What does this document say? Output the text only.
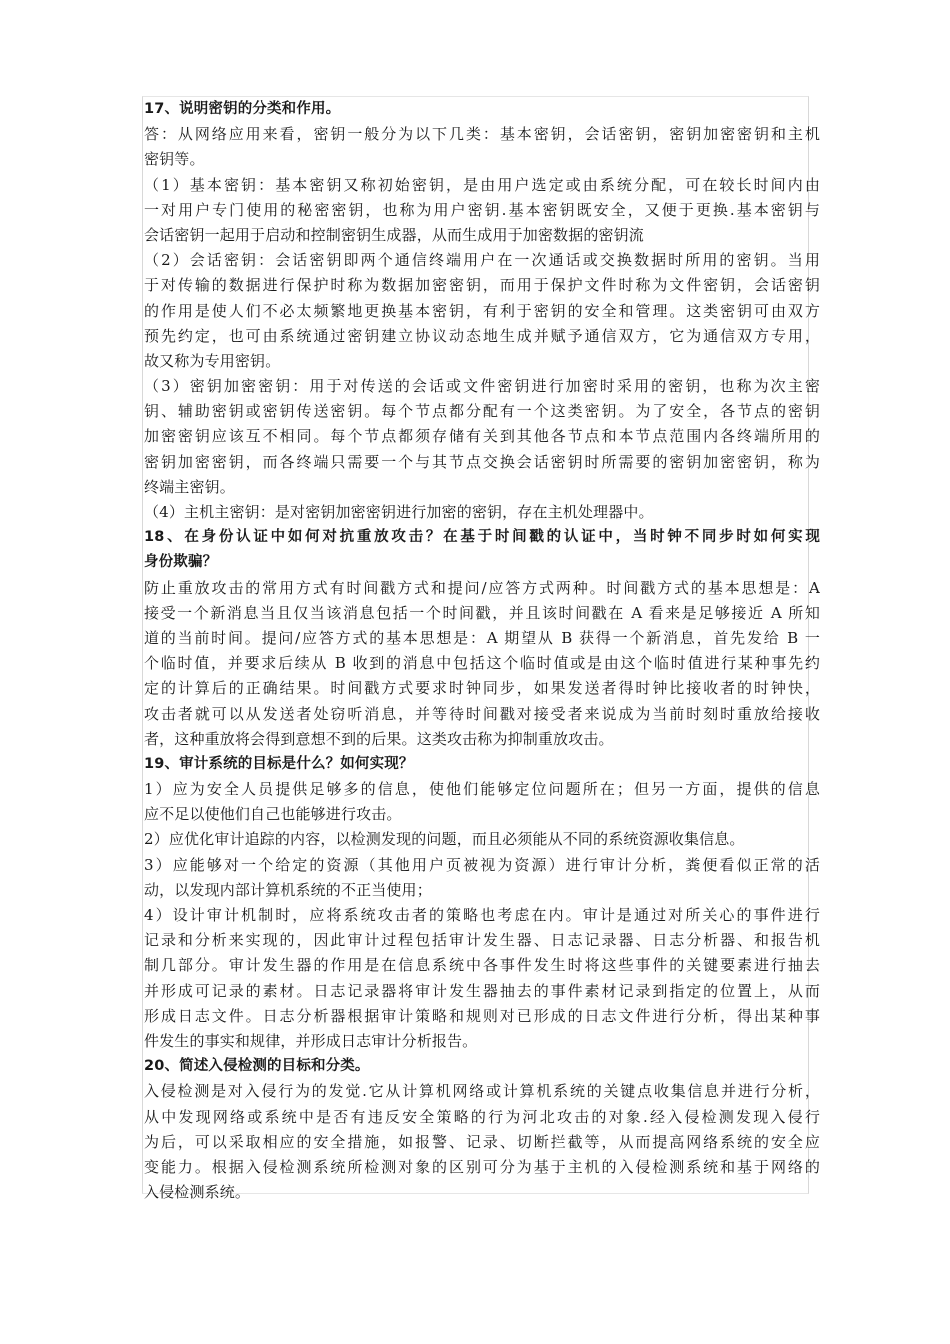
17、说明密钥的分类和作用。
答：从网络应用来看，密钥一般分为以下几类：基本密钥，会话密钥，密钥加密密钥和主机
密钥等。
（1）基本密钥：基本密钥又称初始密钥，是由用户选定或由系统分配，可在较长时间内由
一对用户专门使用的秘密密钥，也称为用户密钥.基本密钥既安全，又便于更换.基本密钥与
会话密钥一起用于启动和控制密钥生成器，从而生成用于加密数据的密钥流
（2）会话密钥：会话密钥即两个通信终端用户在一次通话或交换数据时所用的密钥。当用
于对传输的数据进行保护时称为数据加密密钥，而用于保护文件时称为文件密钥，会话密钥
的作用是使人们不必太频繁地更换基本密钥，有利于密钥的安全和管理。这类密钥可由双方
预先约定，也可由系统通过密钥建立协议动态地生成并赋予通信双方，它为通信双方专用，
故又称为专用密钥。
（3）密钥加密密钥：用于对传送的会话或文件密钥进行加密时采用的密钥，也称为次主密
钥、辅助密钥或密钥传送密钥。每个节点都分配有一个这类密钥。为了安全，各节点的密钥
加密密钥应该互不相同。每个节点都须存储有关到其他各节点和本节点范围内各终端所用的
密钥加密密钥，而各终端只需要一个与其节点交换会话密钥时所需要的密钥加密密钥，称为
终端主密钥。
（4）主机主密钥：是对密钥加密密钥进行加密的密钥，存在主机处理器中。
18、在身份认证中如何对抗重放攻击？在基于时间戳的认证中，当时钟不同步时如何实现
身份欺骗？
防止重放攻击的常用方式有时间戳方式和提问/应答方式两种。时间戳方式的基本思想是：A
接受一个新消息当且仅当该消息包括一个时间戳，并且该时间戳在 A 看来是足够接近 A 所知
道的当前时间。提问/应答方式的基本思想是：A 期望从 B 获得一个新消息，首先发给 B 一
个临时值，并要求后续从 B 收到的消息中包括这个临时值或是由这个临时值进行某种事先约
定的计算后的正确结果。时间戳方式要求时钟同步，如果发送者得时钟比接收者的时钟快，
攻击者就可以从发送者处窃听消息，并等待时间戳对接受者来说成为当前时刻时重放给接收
者，这种重放将会得到意想不到的后果。这类攻击称为抑制重放攻击。
19、审计系统的目标是什么？如何实现？
1）应为安全人员提供足够多的信息，使他们能够定位问题所在；但另一方面，提供的信息
应不足以使他们自己也能够进行攻击。
2）应优化审计追踪的内容，以检测发现的问题，而且必须能从不同的系统资源收集信息。
3）应能够对一个给定的资源（其他用户页被视为资源）进行审计分析，粪便看似正常的活
动，以发现内部计算机系统的不正当使用；
4）设计审计机制时，应将系统攻击者的策略也考虑在内。审计是通过对所关心的事件进行
记录和分析来实现的，因此审计过程包括审计发生器、日志记录器、日志分析器、和报告机
制几部分。审计发生器的作用是在信息系统中各事件发生时将这些事件的关键要素进行抽去
并形成可记录的素材。日志记录器将审计发生器抽去的事件素材记录到指定的位置上，从而
形成日志文件。日志分析器根据审计策略和规则对已形成的日志文件进行分析，得出某种事
件发生的事实和规律，并形成日志审计分析报告。
20、简述入侵检测的目标和分类。
入侵检测是对入侵行为的发觉.它从计算机网络或计算机系统的关键点收集信息并进行分析，
从中发现网络或系统中是否有违反安全策略的行为河北攻击的对象.经入侵检测发现入侵行
为后，可以采取相应的安全措施，如报警、记录、切断拦截等，从而提高网络系统的安全应
变能力。根据入侵检测系统所检测对象的区别可分为基于主机的入侵检测系统和基于网络的
入侵检测系统。
